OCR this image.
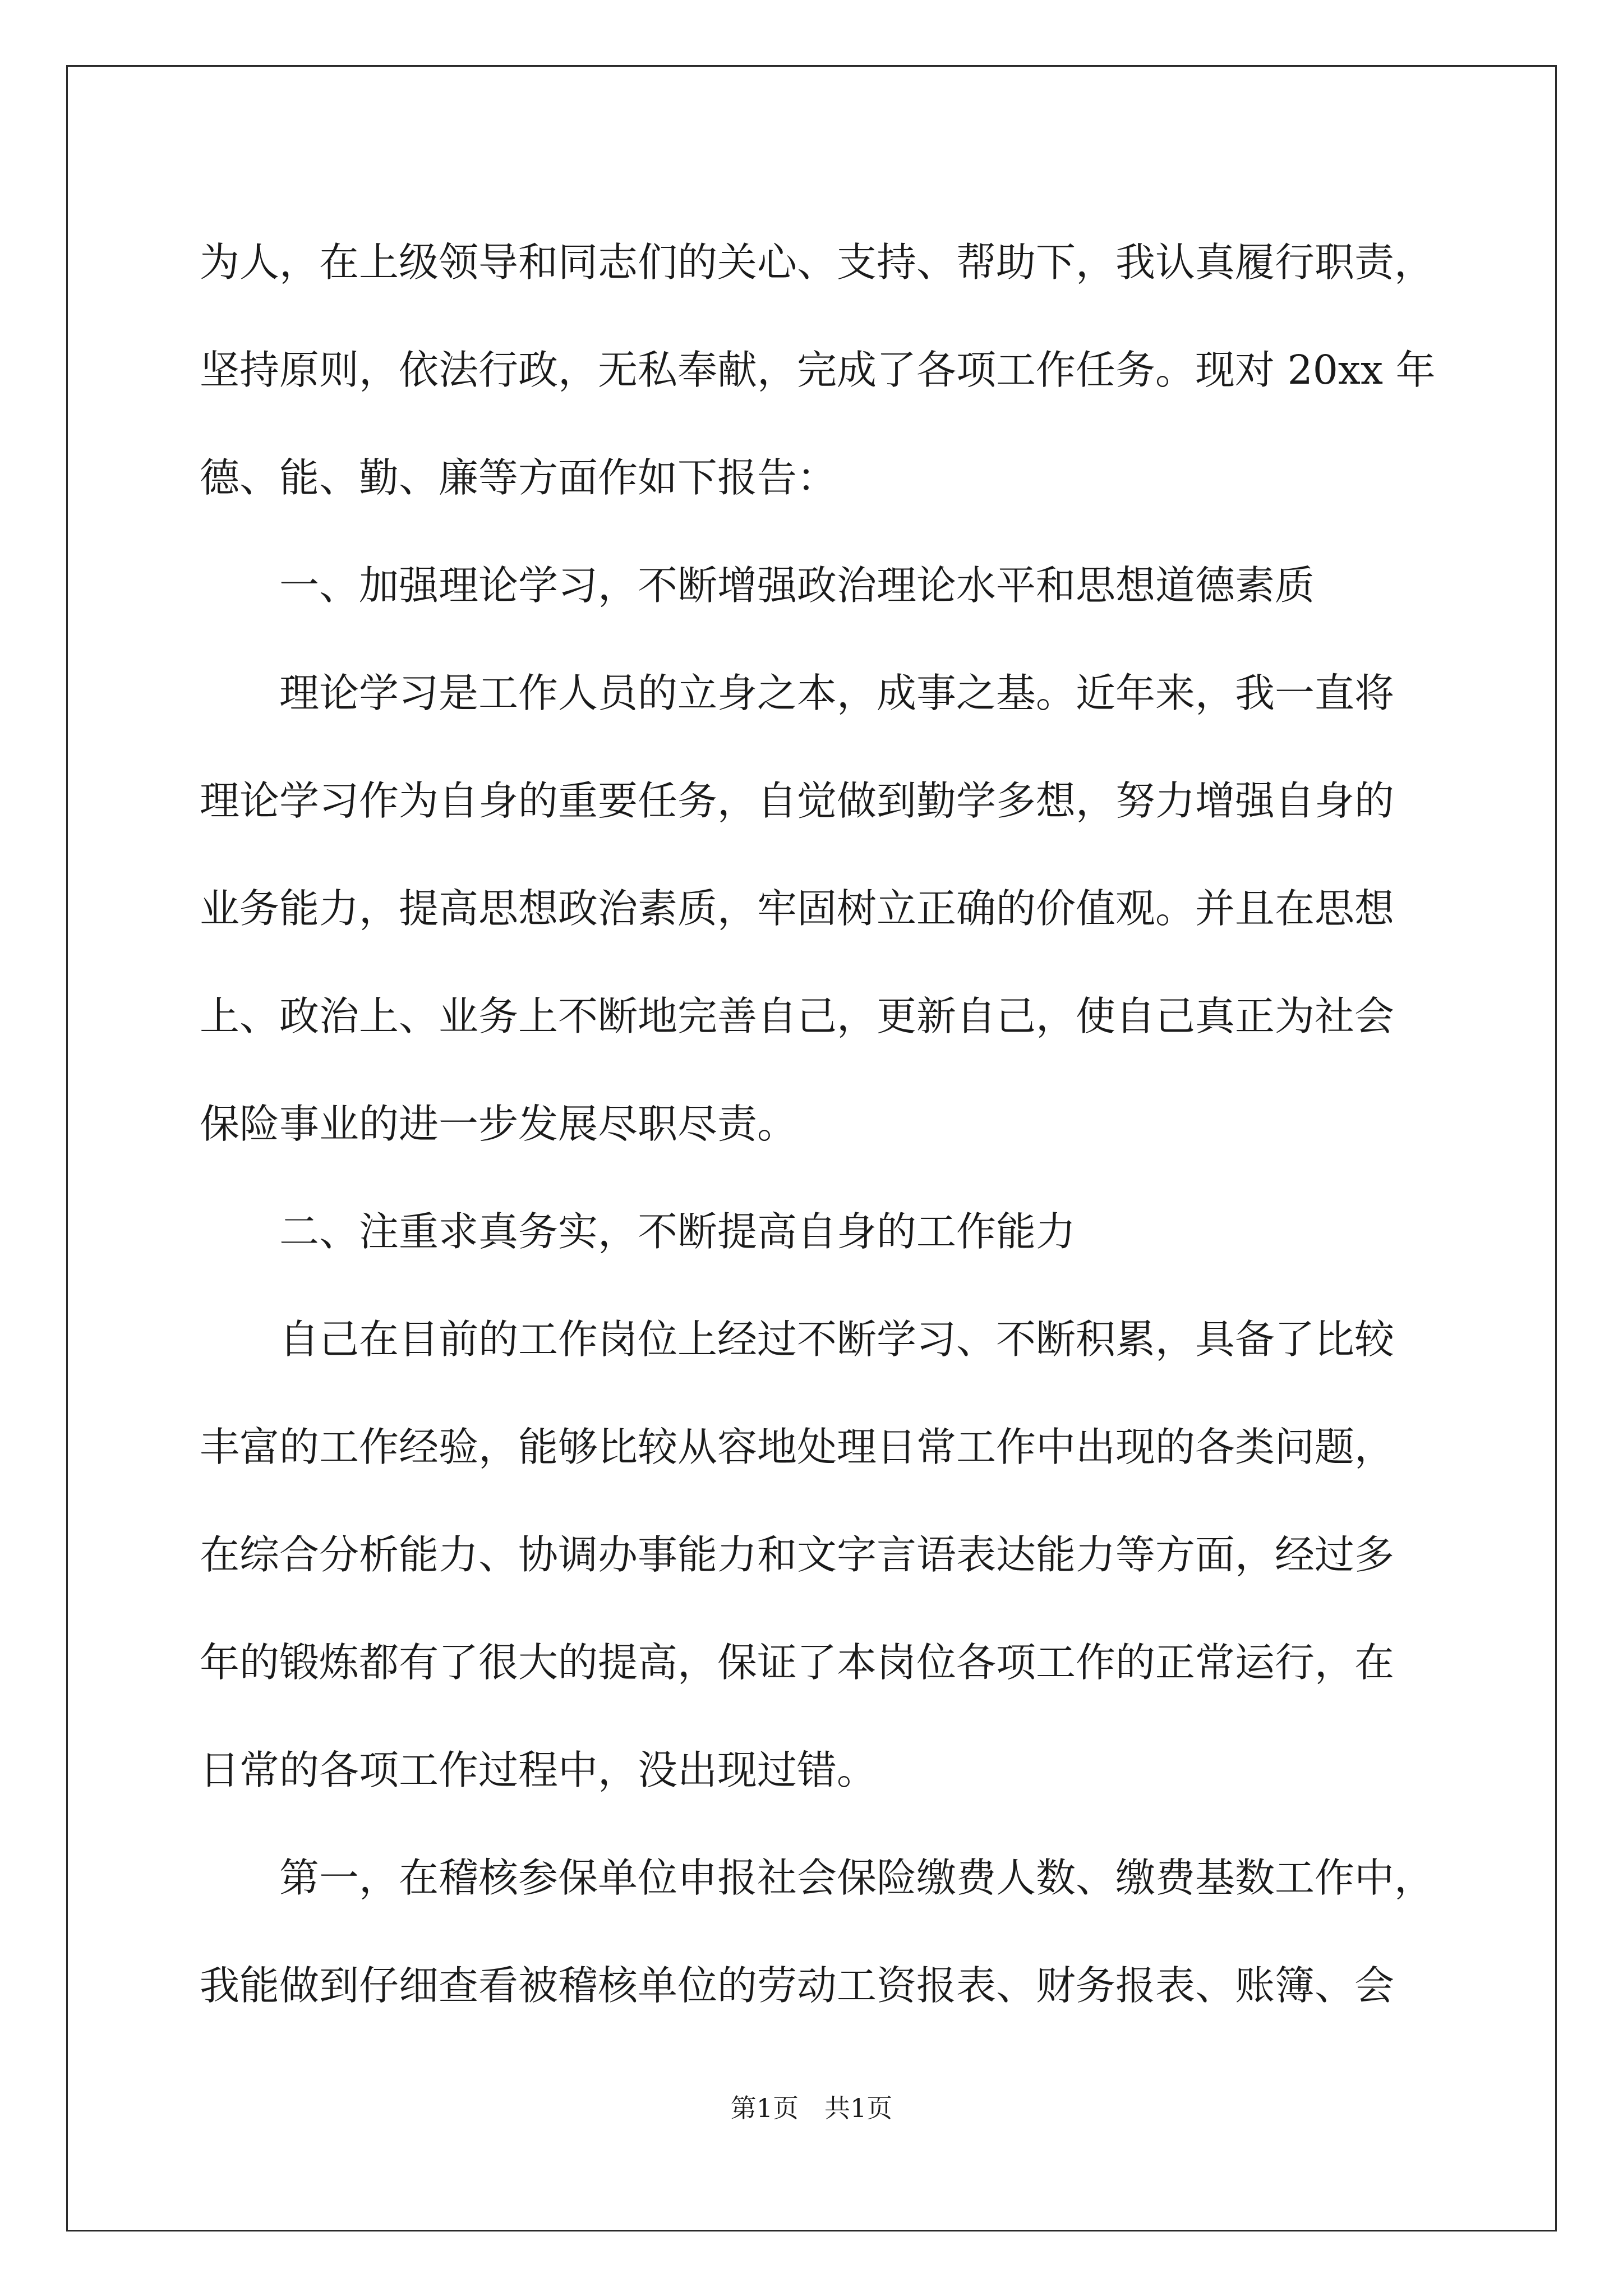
为人，在上级领导和同志们的关心、支持、帮助下，我认真履行职责，
坚持原则，依法行政，无私奉献，完成了各项工作任务。现对 20xx 年
德、能、勤、廉等方面作如下报告：
　　一、加强理论学习，不断增强政治理论水平和思想道德素质
　　理论学习是工作人员的立身之本，成事之基。近年来，我一直将
理论学习作为自身的重要任务，自觉做到勤学多想，努力增强自身的
业务能力，提高思想政治素质，牢固树立正确的价值观。并且在思想
上、政治上、业务上不断地完善自己，更新自己，使自己真正为社会
保险事业的进一步发展尽职尽责。
　　二、注重求真务实，不断提高自身的工作能力
　　自己在目前的工作岗位上经过不断学习、不断积累，具备了比较
丰富的工作经验，能够比较从容地处理日常工作中出现的各类问题，
在综合分析能力、协调办事能力和文字言语表达能力等方面，经过多
年的锻炼都有了很大的提高，保证了本岗位各项工作的正常运行，在
日常的各项工作过程中，没出现过错。
　　第一，在稽核参保单位申报社会保险缴费人数、缴费基数工作中，
我能做到仔细查看被稽核单位的劳动工资报表、财务报表、账簿、会
第1页　共1页
